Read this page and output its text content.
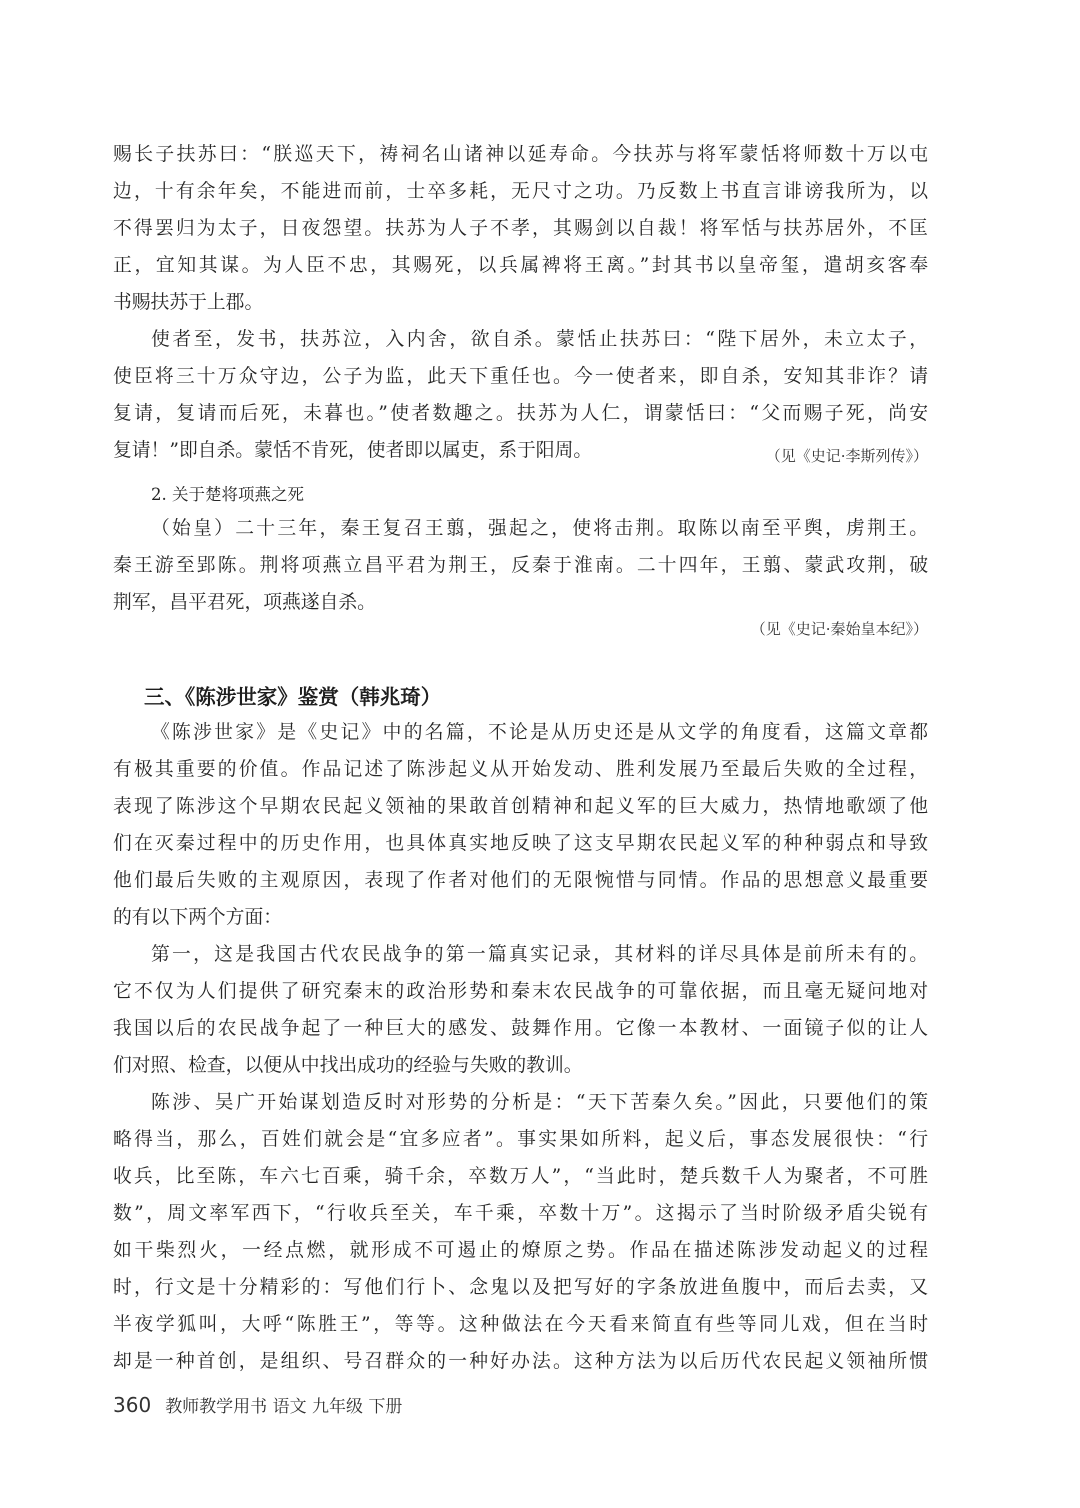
赐长子扶苏曰：“朕巡天下，祷祠名山诸神以延寿命。今扶苏与将军蒙恬将师数十万以屯
边，十有余年矣，不能进而前，士卒多耗，无尺寸之功。乃反数上书直言诽谤我所为，以
不得罢归为太子，日夜怨望。扶苏为人子不孝，其赐剑以自裁！将军恬与扶苏居外，不匡
正，宜知其谋。为人臣不忠，其赐死，以兵属裨将王离。”封其书以皇帝玺，遣胡亥客奉
书赐扶苏于上郡。
使者至，发书，扶苏泣，入内舍，欲自杀。蒙恬止扶苏曰：“陛下居外，未立太子，
使臣将三十万众守边，公子为监，此天下重任也。今一使者来，即自杀，安知其非诈？请
复请，复请而后死，未暮也。”使者数趣之。扶苏为人仁，谓蒙恬曰：“父而赐子死，尚安
复请！”即自杀。蒙恬不肯死，使者即以属吏，系于阳周。	（见《史记·李斯列传》）
2. 关于楚将项燕之死
（始皇）二十三年，秦王复召王翦，强起之，使将击荆。取陈以南至平舆，虏荆王。
秦王游至郢陈。荆将项燕立昌平君为荆王，反秦于淮南。二十四年，王翦、蒙武攻荆，破
荆军，昌平君死，项燕遂自杀。
（见《史记·秦始皇本纪》）
三、《陈涉世家》鉴赏（韩兆琦）
《陈涉世家》是《史记》中的名篇，不论是从历史还是从文学的角度看，这篇文章都
有极其重要的价值。作品记述了陈涉起义从开始发动、胜利发展乃至最后失败的全过程，
表现了陈涉这个早期农民起义领袖的果敢首创精神和起义军的巨大威力，热情地歌颂了他
们在灭秦过程中的历史作用，也具体真实地反映了这支早期农民起义军的种种弱点和导致
他们最后失败的主观原因，表现了作者对他们的无限惋惜与同情。作品的思想意义最重要
的有以下两个方面：
第一，这是我国古代农民战争的第一篇真实记录，其材料的详尽具体是前所未有的。
它不仅为人们提供了研究秦末的政治形势和秦末农民战争的可靠依据，而且毫无疑问地对
我国以后的农民战争起了一种巨大的感发、鼓舞作用。它像一本教材、一面镜子似的让人
们对照、检查，以便从中找出成功的经验与失败的教训。
陈涉、吴广开始谋划造反时对形势的分析是：“天下苦秦久矣。”因此，只要他们的策
略得当，那么，百姓们就会是“宜多应者”。事实果如所料，起义后，事态发展很快：“行
收兵，比至陈，车六七百乘，骑千余，卒数万人”，“当此时，楚兵数千人为聚者，不可胜
数”，周文率军西下，“行收兵至关，车千乘，卒数十万”。这揭示了当时阶级矛盾尖锐有
如干柴烈火，一经点燃，就形成不可遏止的燎原之势。作品在描述陈涉发动起义的过程
时，行文是十分精彩的：写他们行卜、念鬼以及把写好的字条放进鱼腹中，而后去卖，又
半夜学狐叫，大呼“陈胜王”，等等。这种做法在今天看来简直有些等同儿戏，但在当时
却是一种首创，是组织、号召群众的一种好办法。这种方法为以后历代农民起义领袖所惯
360 教师教学用书 语文 九年级 下册
